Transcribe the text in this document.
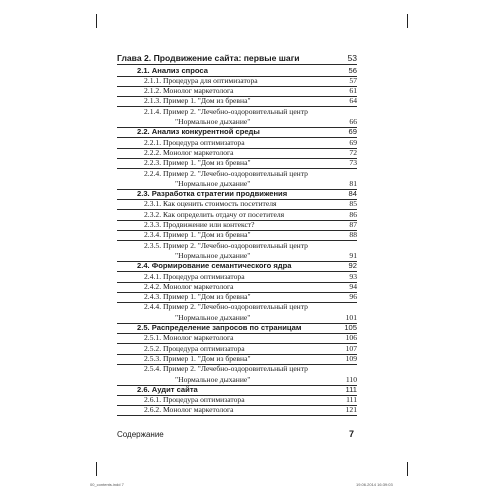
Глава 2. Продвижение сайта: первые шаги	53
2.1. Анализ спроса	56
2.1.1. Процедура для оптимизатора	57
2.1.2. Монолог маркетолога	61
2.1.3. Пример 1. "Дом из бревна"	64
2.1.4. Пример 2. "Лечебно-оздоровительный центр
"Нормальное дыхание"	66
2.2. Анализ конкурентной среды	69
2.2.1. Процедура оптимизатора	69
2.2.2. Монолог маркетолога	72
2.2.3. Пример 1. "Дом из бревна"	73
2.2.4. Пример 2. "Лечебно-оздоровительный центр
"Нормальное дыхание"	81
2.3. Разработка стратегии продвижения	84
2.3.1. Как оценить стоимость посетителя	85
2.3.2. Как определить отдачу от посетителя	86
2.3.3. Продвижение или контекст?	87
2.3.4. Пример 1. "Дом из бревна"	88
2.3.5. Пример 2. "Лечебно-оздоровительный центр
"Нормальное дыхание"	91
2.4. Формирование семантического ядра	92
2.4.1. Процедура оптимизатора	93
2.4.2. Монолог маркетолога	94
2.4.3. Пример 1. "Дом из бревна"	96
2.4.4. Пример 2. "Лечебно-оздоровительный центр
"Нормальное дыхание"	101
2.5. Распределение запросов по страницам	105
2.5.1. Монолог маркетолога	106
2.5.2. Процедура оптимизатора	107
2.5.3. Пример 1. "Дом из бревна"	109
2.5.4. Пример 2. "Лечебно-оздоровительный центр
"Нормальное дыхание"	110
2.6. Аудит сайта	111
2.6.1. Процедура оптимизатора	111
2.6.2. Монолог маркетолога	121
Содержание	7
00_contents.indd 7	19.06.2014 16:39:03
